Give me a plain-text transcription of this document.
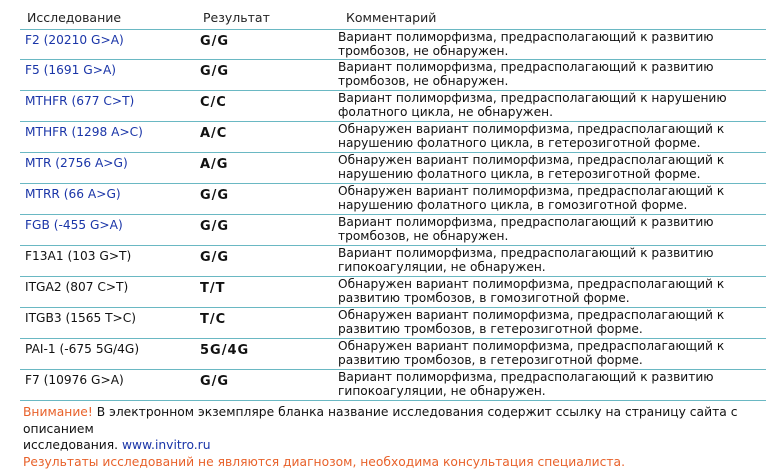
Исследование	Результат	Комментарий
F2 (20210 G>A)	G/G	Вариант полиморфизма, предрасполагающий к развитию
тромбозов, не обнаружен.
F5 (1691 G>A)	G/G	Вариант полиморфизма, предрасполагающий к развитию
тромбозов, не обнаружен.
MTHFR (677 C>T)	C/C	Вариант полиморфизма, предрасполагающий к нарушению
фолатного цикла, не обнаружен.
MTHFR (1298 A>C)	A/C	Обнаружен вариант полиморфизма, предрасполагающий к
нарушению фолатного цикла, в гетерозиготной форме.
MTR (2756 A>G)	A/G	Обнаружен вариант полиморфизма, предрасполагающий к
нарушению фолатного цикла, в гетерозиготной форме.
MTRR (66 A>G)	G/G	Обнаружен вариант полиморфизма, предрасполагающий к
нарушению фолатного цикла, в гомозиготной форме.
FGB (-455 G>A)	G/G	Вариант полиморфизма, предрасполагающий к развитию
тромбозов, не обнаружен.
F13A1 (103 G>T)	G/G	Вариант полиморфизма, предрасполагающий к развитию
гипокоагуляции, не обнаружен.
ITGA2 (807 C>T)	T/T	Обнаружен вариант полиморфизма, предрасполагающий к
развитию тромбозов, в гомозиготной форме.
ITGB3 (1565 T>C)	T/C	Обнаружен вариант полиморфизма, предрасполагающий к
развитию тромбозов, в гетерозиготной форме.
PAI-1 (-675 5G/4G)	5G/4G	Обнаружен вариант полиморфизма, предрасполагающий к
развитию тромбозов, в гетерозиготной форме.
F7 (10976 G>A)	G/G	Вариант полиморфизма, предрасполагающий к развитию
гипокоагуляции, не обнаружен.
Внимание! В электронном экземпляре бланка название исследования содержит ссылку на страницу сайта с описанием
исследования. www.invitro.ru
Результаты исследований не являются диагнозом, необходима консультация специалиста.
